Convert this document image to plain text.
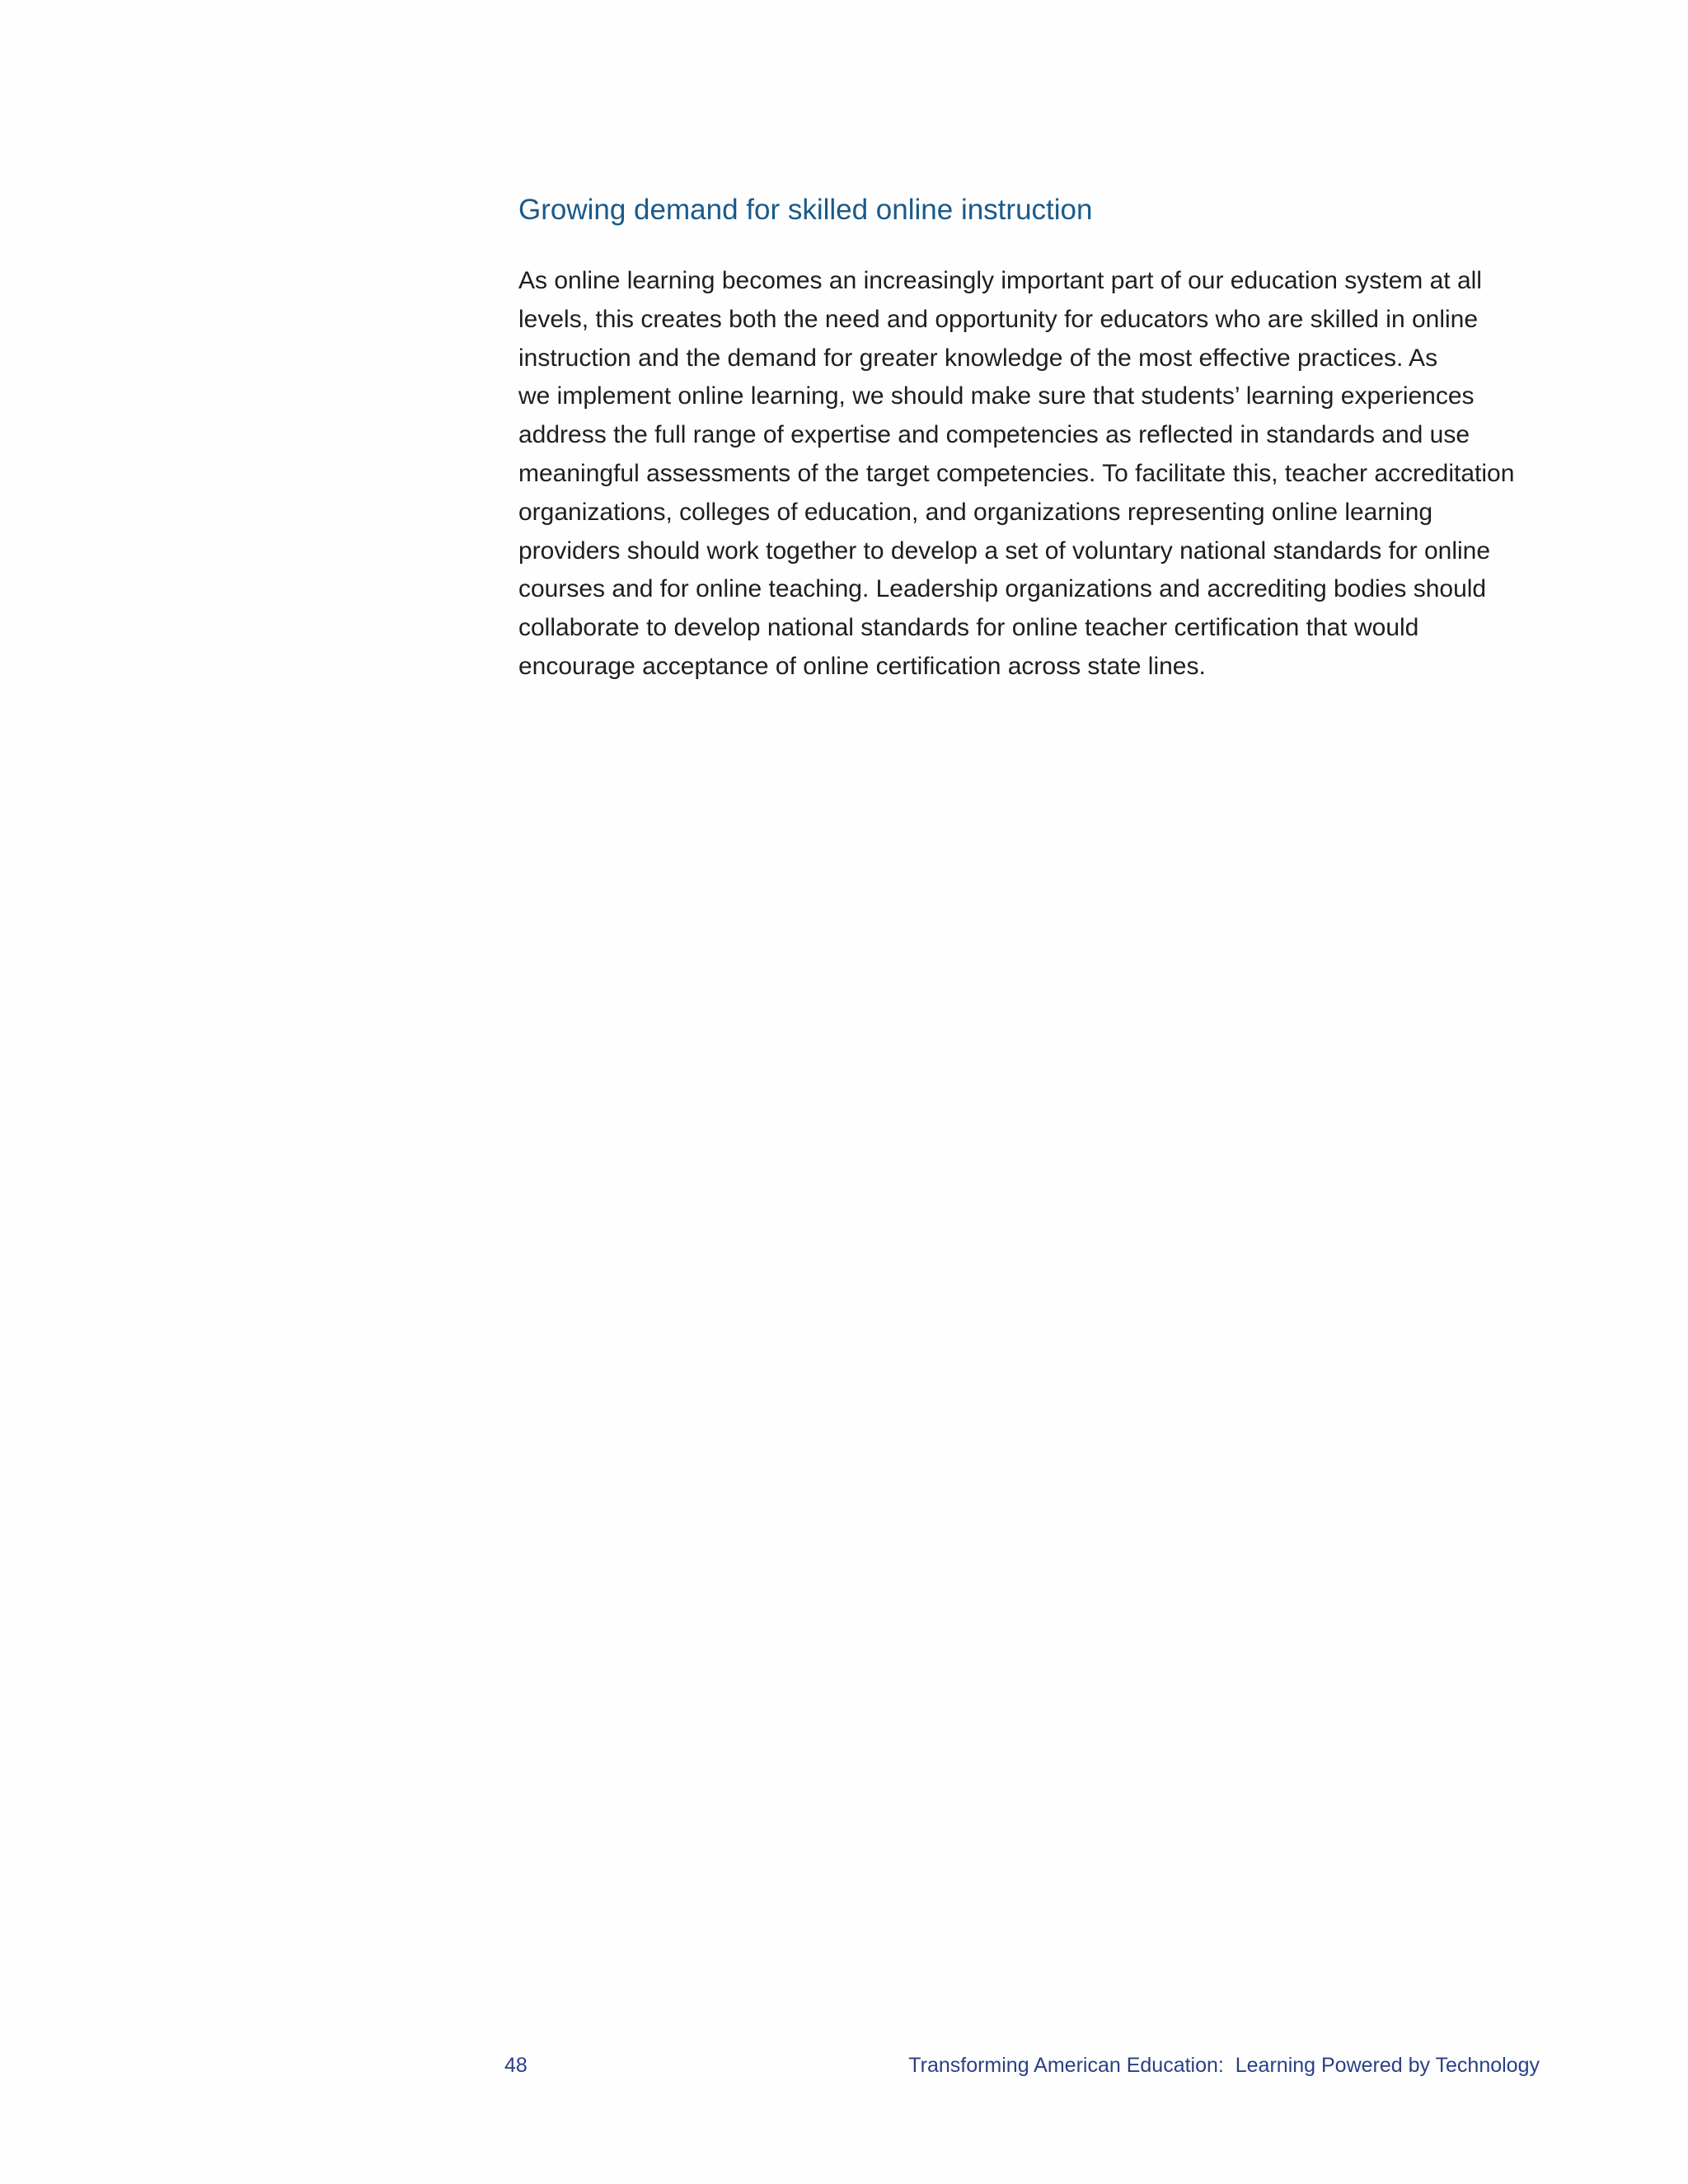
Growing demand for skilled online instruction

As online learning becomes an increasingly important part of our education system at all
levels, this creates both the need and opportunity for educators who are skilled in online
instruction and the demand for greater knowledge of the most effective practices. As
we implement online learning, we should make sure that students’ learning experiences
address the full range of expertise and competencies as reflected in standards and use
meaningful assessments of the target competencies. To facilitate this, teacher accreditation
organizations, colleges of education, and organizations representing online learning
providers should work together to develop a set of voluntary national standards for online
courses and for online teaching. Leadership organizations and accrediting bodies should
collaborate to develop national standards for online teacher certification that would
encourage acceptance of online certification across state lines.

48	Transforming American Education:  Learning Powered by Technology
